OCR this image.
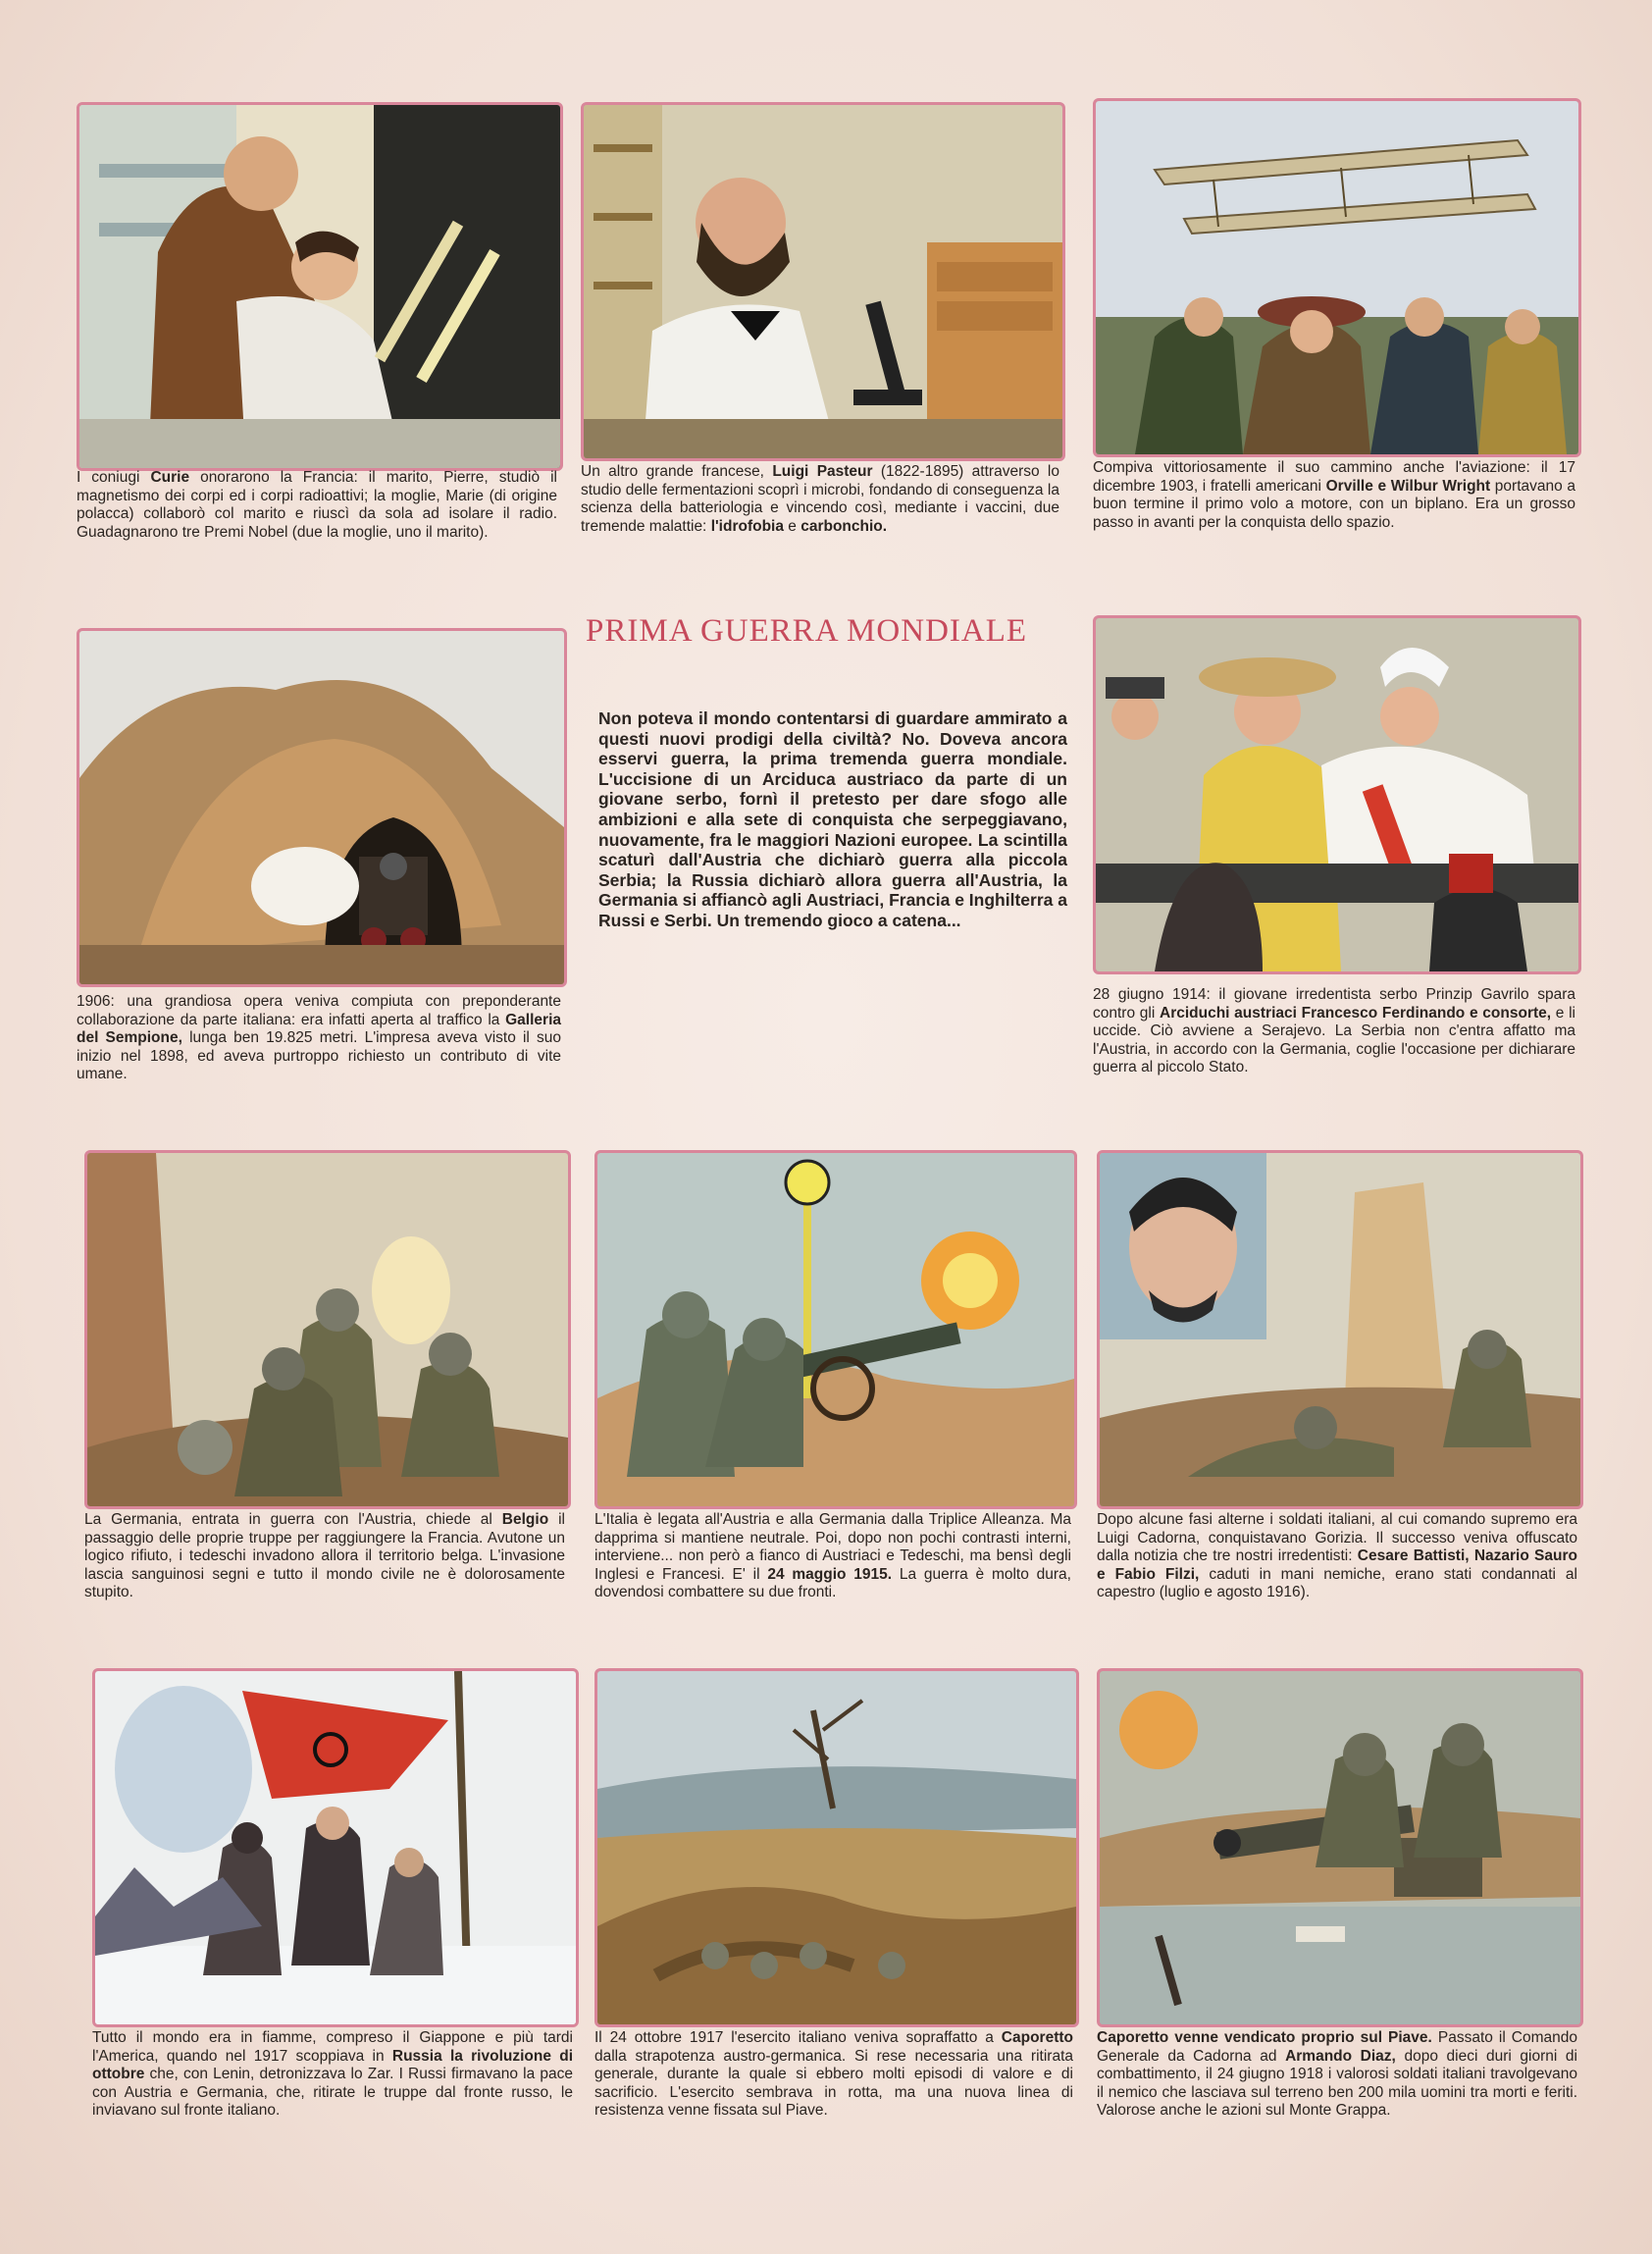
I coniugi Curie onorarono la Francia: il marito, Pierre, studiò il magnetismo dei corpi ed i corpi radioattivi; la moglie, Marie (di origine polacca) collaborò col marito e riuscì da sola ad isolare il radio. Guadagnarono tre Premi Nobel (due la moglie, uno il marito).
Un altro grande francese, Luigi Pasteur (1822-1895) attraverso lo studio delle fermentazioni scoprì i microbi, fondando di conseguenza la scienza della batteriologia e vincendo così, mediante i vaccini, due tremende malattie: l'idrofobia e carbonchio.
Compiva vittoriosamente il suo cammino anche l'aviazione: il 17 dicembre 1903, i fratelli americani Orville e Wilbur Wright portavano a buon termine il primo volo a motore, con un biplano. Era un grosso passo in avanti per la conquista dello spazio.
1906: una grandiosa opera veniva compiuta con preponderante collaborazione da parte italiana: era infatti aperta al traffico la Galleria del Sempione, lunga ben 19.825 metri. L'impresa aveva visto il suo inizio nel 1898, ed aveva purtroppo richiesto un contributo di vite umane.
PRIMA GUERRA MONDIALE
Non poteva il mondo contentarsi di guardare ammirato a questi nuovi prodigi della civiltà? No. Doveva ancora esservi guerra, la prima tremenda guerra mondiale. L'uccisione di un Arciduca austriaco da parte di un giovane serbo, fornì il pretesto per dare sfogo alle ambizioni e alla sete di conquista che serpeggiavano, nuovamente, fra le maggiori Nazioni europee. La scintilla scaturì dall'Austria che dichiarò guerra alla piccola Serbia; la Russia dichiarò allora guerra all'Austria, la Germania si affiancò agli Austriaci, Francia e Inghilterra a Russi e Serbi. Un tremendo gioco a catena...
28 giugno 1914: il giovane irredentista serbo Prinzip Gavrilo spara contro gli Arciduchi austriaci Francesco Ferdinando e consorte, e li uccide. Ciò avviene a Serajevo. La Serbia non c'entra affatto ma l'Austria, in accordo con la Germania, coglie l'occasione per dichiarare guerra al piccolo Stato.
La Germania, entrata in guerra con l'Austria, chiede al Belgio il passaggio delle proprie truppe per raggiungere la Francia. Avutone un logico rifiuto, i tedeschi invadono allora il territorio belga. L'invasione lascia sanguinosi segni e tutto il mondo civile ne è dolorosamente stupito.
L'Italia è legata all'Austria e alla Germania dalla Triplice Alleanza. Ma dapprima si mantiene neutrale. Poi, dopo non pochi contrasti interni, interviene... non però a fianco di Austriaci e Tedeschi, ma bensì degli Inglesi e Francesi. E' il 24 maggio 1915. La guerra è molto dura, dovendosi combattere su due fronti.
Dopo alcune fasi alterne i soldati italiani, al cui comando supremo era Luigi Cadorna, conquistavano Gorizia. Il successo veniva offuscato dalla notizia che tre nostri irredentisti: Cesare Battisti, Nazario Sauro e Fabio Filzi, caduti in mani nemiche, erano stati condannati al capestro (luglio e agosto 1916).
Tutto il mondo era in fiamme, compreso il Giappone e più tardi l'America, quando nel 1917 scoppiava in Russia la rivoluzione di ottobre che, con Lenin, detronizzava lo Zar. I Russi firmavano la pace con Austria e Germania, che, ritirate le truppe dal fronte russo, le inviavano sul fronte italiano.
Il 24 ottobre 1917 l'esercito italiano veniva sopraffatto a Caporetto dalla strapotenza austro-germanica. Si rese necessaria una ritirata generale, durante la quale si ebbero molti episodi di valore e di sacrificio. L'esercito sembrava in rotta, ma una nuova linea di resistenza venne fissata sul Piave.
Caporetto venne vendicato proprio sul Piave. Passato il Comando Generale da Cadorna ad Armando Diaz, dopo dieci duri giorni di combattimento, il 24 giugno 1918 i valorosi soldati italiani travolgevano il nemico che lasciava sul terreno ben 200 mila uomini tra morti e feriti. Valorose anche le azioni sul Monte Grappa.
